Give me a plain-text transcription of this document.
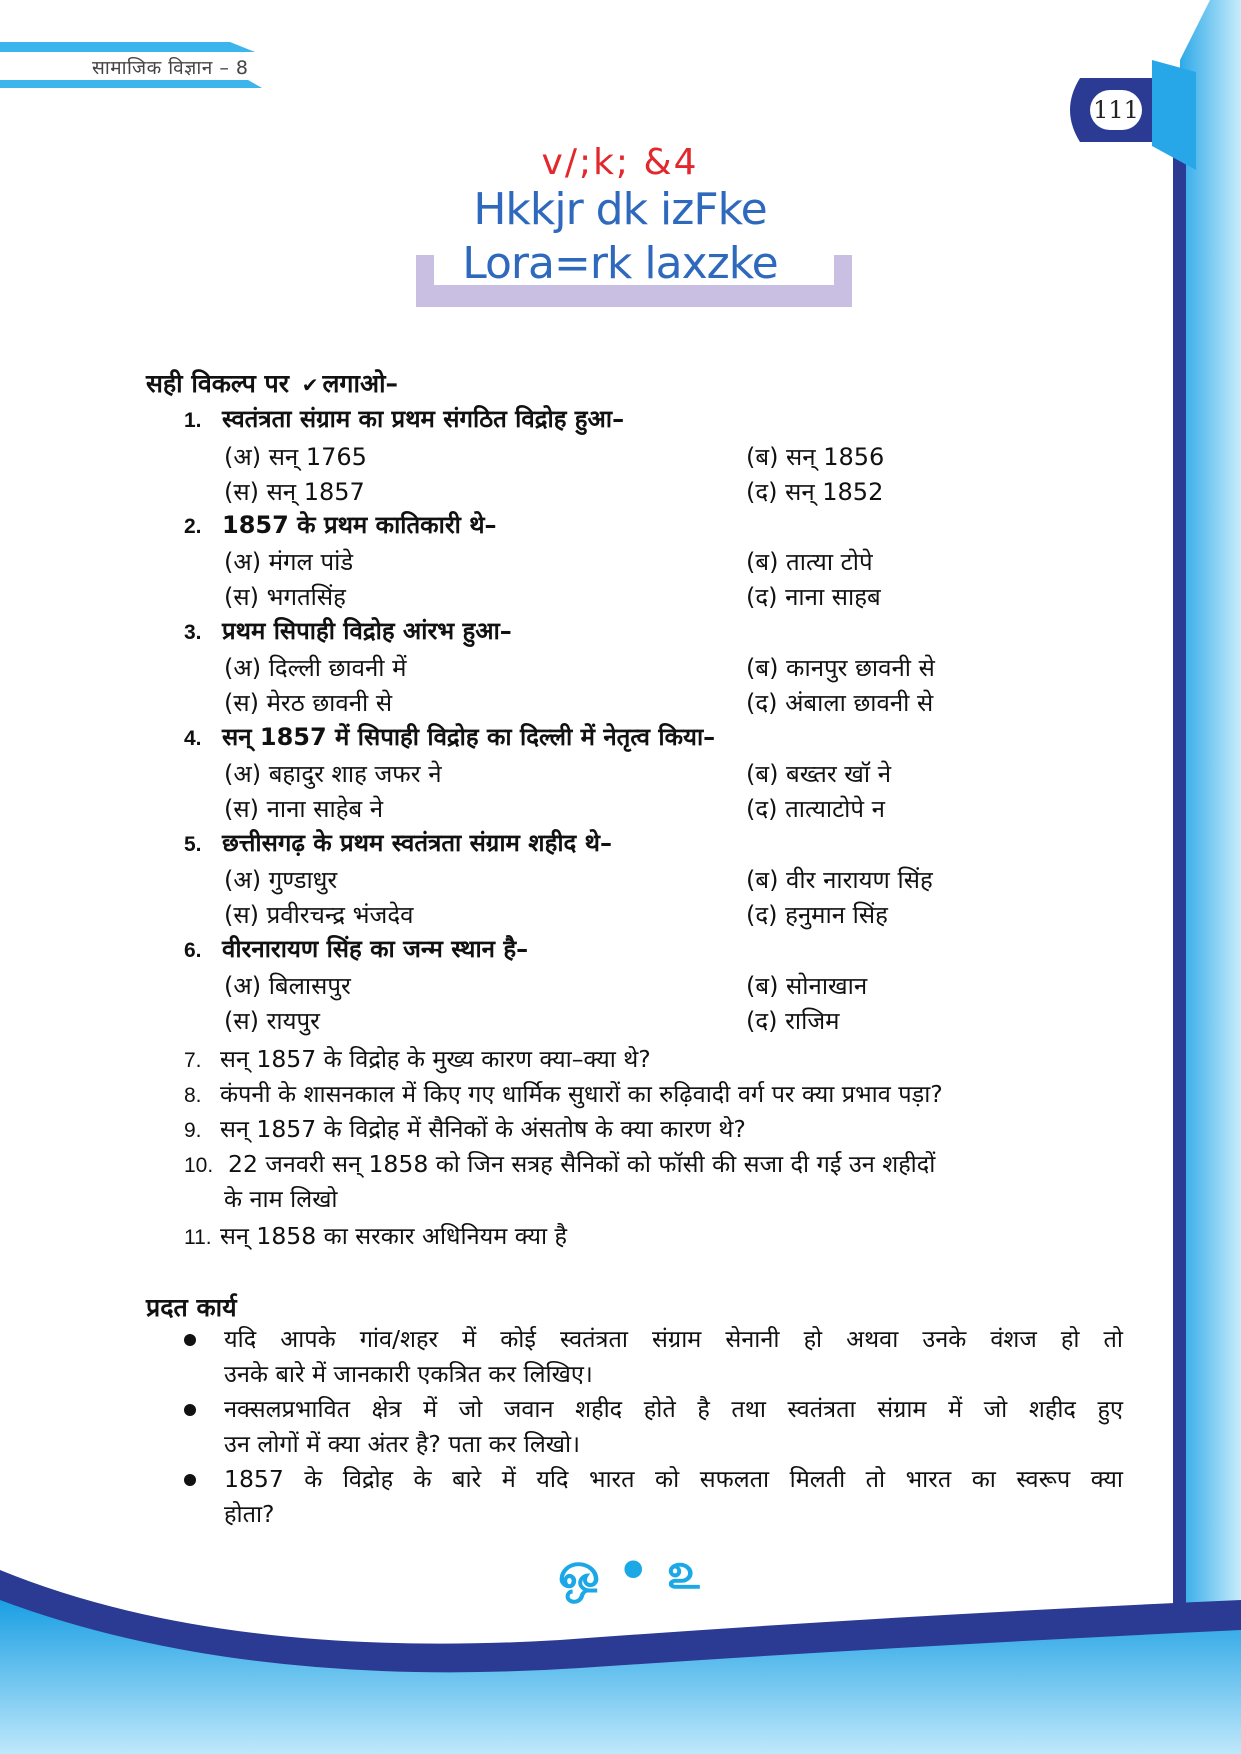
सामाजिक विज्ञान – 8
111
v/;k; &4
Hkkjr dk izFke
Lora=rk laxzke
सही विकल्प पर ✔ लगाओ–
1. स्वतंत्रता संग्राम का प्रथम संगठित विद्रोह हुआ–
(अ) सन् 1765	(ब) सन् 1856
(स) सन् 1857	(द) सन् 1852
2. 1857 के प्रथम कातिकारी थे–
(अ) मंगल पांडे	(ब) तात्या टोपे
(स) भगतसिंह	(द) नाना साहब
3. प्रथम सिपाही विद्रोह आंरभ हुआ–
(अ) दिल्ली छावनी में	(ब) कानपुर छावनी से
(स) मेरठ छावनी से	(द) अंबाला छावनी से
4. सन् 1857 में सिपाही विद्रोह का दिल्ली में नेतृत्व किया–
(अ) बहादुर शाह जफर ने	(ब) बख्तर खॉ ने
(स) नाना साहेब ने	(द) तात्याटोपे न
5. छत्तीसगढ़ के प्रथम स्वतंत्रता संग्राम शहीद थे–
(अ) गुण्डाधुर	(ब) वीर नारायण सिंह
(स) प्रवीरचन्द्र भंजदेव	(द) हनुमान सिंह
6. वीरनारायण सिंह का जन्म स्थान है–
(अ) बिलासपुर	(ब) सोनाखान
(स) रायपुर	(द) राजिम
7. सन् 1857 के विद्रोह के मुख्य कारण क्या–क्या थे?
8. कंपनी के शासनकाल में किए गए धार्मिक सुधारों का रुढ़िवादी वर्ग पर क्या प्रभाव पड़ा?
9. सन् 1857 के विद्रोह में सैनिकों के अंसतोष के क्या कारण थे?
10. 22 जनवरी सन् 1858 को जिन सत्रह सैनिकों को फॉसी की सजा दी गई उन शहीदों
के नाम लिखो
11. सन् 1858 का सरकार अधिनियम क्या है
प्रदत कार्य
यदि आपके गांव/शहर में कोई स्वतंत्रता संग्राम सेनानी हो अथवा उनके वंशज हो तो
उनके बारे में जानकारी एकत्रित कर लिखिए।
नक्सलप्रभावित क्षेत्र में जो जवान शहीद होते है तथा स्वतंत्रता संग्राम में जो शहीद हुए
उन लोगों में क्या अंतर है? पता कर लिखो।
1857 के विद्रोह के बारे में यदि भारत को सफलता मिलती तो भारत का स्वरूप क्या
होता?
ஒ • ௨
